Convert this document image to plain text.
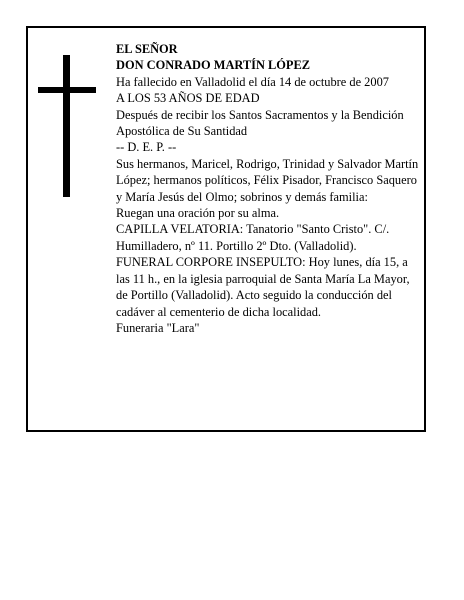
EL SEÑOR

DON CONRADO MARTÍN LÓPEZ

Ha fallecido en Valladolid el día 14 de octubre de 2007

A LOS 53 AÑOS DE EDAD

Después de recibir los Santos Sacramentos y la Bendición Apostólica de Su Santidad

-- D. E. P. --

Sus hermanos, Maricel, Rodrigo, Trinidad y Salvador Martín López; hermanos políticos, Félix Pisador, Francisco Saquero y María Jesús del Olmo; sobrinos y demás familia:

Ruegan una oración por su alma.

CAPILLA VELATORIA: Tanatorio "Santo Cristo". C/. Humilladero, nº 11. Portillo 2º Dto. (Valladolid).

FUNERAL CORPORE INSEPULTO: Hoy lunes, día 15, a las 11 h., en la iglesia parroquial de Santa María La Mayor, de Portillo (Valladolid). Acto seguido la conducción del cadáver al cementerio de dicha localidad.

Funeraria "Lara"
